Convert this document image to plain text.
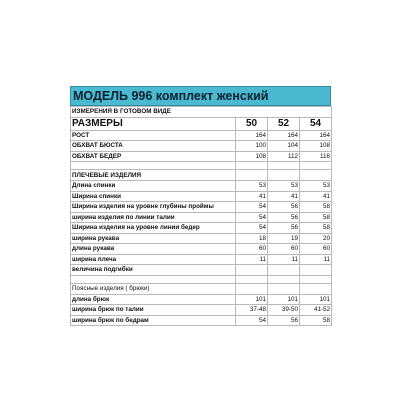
МОДЕЛЬ 996 комплект женский
ИЗМЕРЕНИЯ В ГОТОВОМ ВИДЕ			
РАЗМЕРЫ	50	52	54
РОСТ	164	164	164
ОБХВАТ БЮСТА	100	104	108
ОБХВАТ БЕДЕР	108	112	116

ПЛЕЧЕВЫЕ ИЗДЕЛИЯ			
Длина спинки	53	53	53
Ширина спинки	41	41	41
Ширина изделия на уровне глубины проймы	54	56	58
ширина изделия по линии талии	54	56	58
Ширина изделия на уровне линии бедер	54	56	58
ширина рукава	18	19	20
длина рукава	60	60	60
ширина плеча	11	11	11
величина подгибки			

Поясные изделия ( брюки)			
длина брюк	101	101	101
ширина брюк по талии	37-48	39-50	41-52
ширина брюк по бедрам	54	56	58
